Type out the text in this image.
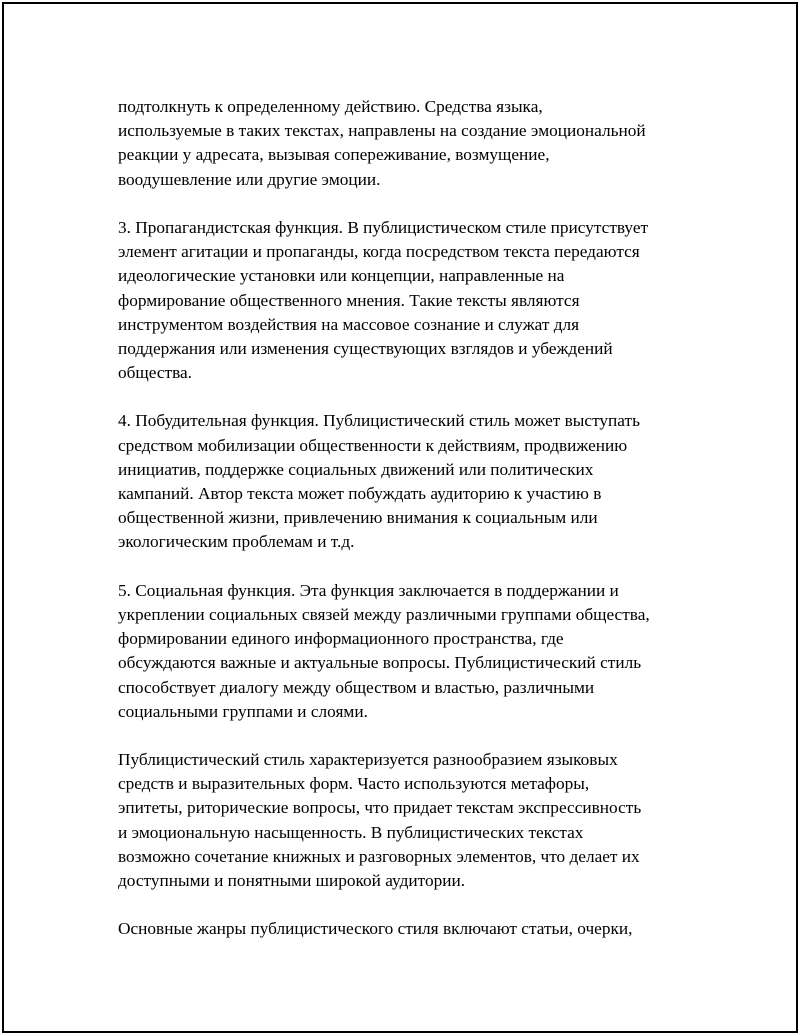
подтолкнуть к определенному действию. Средства языка,
используемые в таких текстах, направлены на создание эмоциональной
реакции у адресата, вызывая сопереживание, возмущение,
воодушевление или другие эмоции.

3. Пропагандистская функция. В публицистическом стиле присутствует
элемент агитации и пропаганды, когда посредством текста передаются
идеологические установки или концепции, направленные на
формирование общественного мнения. Такие тексты являются
инструментом воздействия на массовое сознание и служат для
поддержания или изменения существующих взглядов и убеждений
общества.

4. Побудительная функция. Публицистический стиль может выступать
средством мобилизации общественности к действиям, продвижению
инициатив, поддержке социальных движений или политических
кампаний. Автор текста может побуждать аудиторию к участию в
общественной жизни, привлечению внимания к социальным или
экологическим проблемам и т.д.

5. Социальная функция. Эта функция заключается в поддержании и
укреплении социальных связей между различными группами общества,
формировании единого информационного пространства, где
обсуждаются важные и актуальные вопросы. Публицистический стиль
способствует диалогу между обществом и властью, различными
социальными группами и слоями.

Публицистический стиль характеризуется разнообразием языковых
средств и выразительных форм. Часто используются метафоры,
эпитеты, риторические вопросы, что придает текстам экспрессивность
и эмоциональную насыщенность. В публицистических текстах
возможно сочетание книжных и разговорных элементов, что делает их
доступными и понятными широкой аудитории.

Основные жанры публицистического стиля включают статьи, очерки,
